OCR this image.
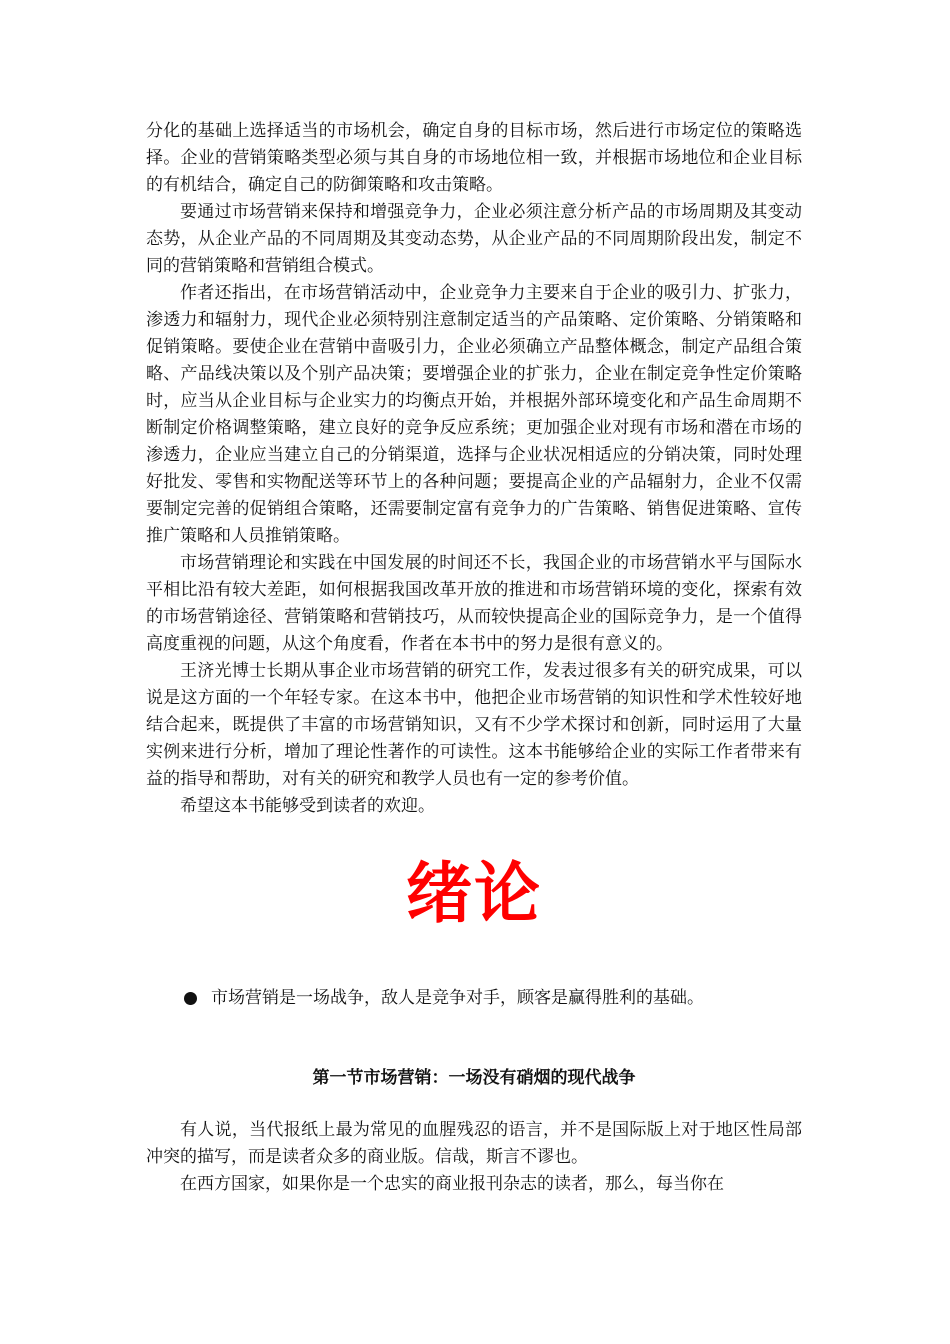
分化的基础上选择适当的市场机会，确定自身的目标市场，然后进行市场定位的策略选择。企业的营销策略类型必须与其自身的市场地位相一致，并根据市场地位和企业目标的有机结合，确定自己的防御策略和攻击策略。

要通过市场营销来保持和增强竞争力，企业必须注意分析产品的市场周期及其变动态势，从企业产品的不同周期及其变动态势，从企业产品的不同周期阶段出发，制定不同的营销策略和营销组合模式。

作者还指出，在市场营销活动中，企业竞争力主要来自于企业的吸引力、扩张力，渗透力和辐射力，现代企业必须特别注意制定适当的产品策略、定价策略、分销策略和促销策略。要使企业在营销中啬吸引力，企业必须确立产品整体概念，制定产品组合策略、产品线决策以及个别产品决策；要增强企业的扩张力，企业在制定竞争性定价策略时，应当从企业目标与企业实力的均衡点开始，并根据外部环境变化和产品生命周期不断制定价格调整策略，建立良好的竞争反应系统；更加强企业对现有市场和潜在市场的渗透力，企业应当建立自己的分销渠道，选择与企业状况相适应的分销决策，同时处理好批发、零售和实物配送等环节上的各种问题；要提高企业的产品辐射力，企业不仅需要制定完善的促销组合策略，还需要制定富有竞争力的广告策略、销售促进策略、宣传推广策略和人员推销策略。

市场营销理论和实践在中国发展的时间还不长，我国企业的市场营销水平与国际水平相比沿有较大差距，如何根据我国改革开放的推进和市场营销环境的变化，探索有效的市场营销途径、营销策略和营销技巧，从而较快提高企业的国际竞争力，是一个值得高度重视的问题，从这个角度看，作者在本书中的努力是很有意义的。

王济光博士长期从事企业市场营销的研究工作，发表过很多有关的研究成果，可以说是这方面的一个年轻专家。在这本书中，他把企业市场营销的知识性和学术性较好地结合起来，既提供了丰富的市场营销知识，又有不少学术探讨和创新，同时运用了大量实例来进行分析，增加了理论性著作的可读性。这本书能够给企业的实际工作者带来有益的指导和帮助，对有关的研究和教学人员也有一定的参考价值。

希望这本书能够受到读者的欢迎。

绪论
市场营销是一场战争，敌人是竞争对手，顾客是赢得胜利的基础。
第一节市场营销：一场没有硝烟的现代战争

有人说，当代报纸上最为常见的血腥残忍的语言，并不是国际版上对于地区性局部冲突的描写，而是读者众多的商业版。信哉，斯言不谬也。

在西方国家，如果你是一个忠实的商业报刊杂志的读者，那么，每当你在
